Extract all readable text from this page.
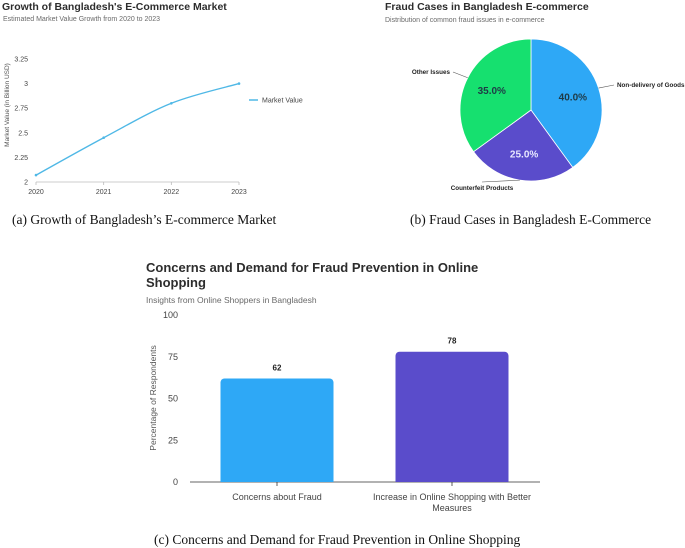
Growth of Bangladesh's E-Commerce Market
Estimated Market Value Growth from 2020 to 2023
Market Value (in Billion USD)
2
2.25
2.5
2.75
3
3.25
2020	2021	2022	2023
Market Value
(a) Growth of Bangladesh’s E-commerce Market
Fraud Cases in Bangladesh E-commerce
Distribution of common fraud issues in e-commerce
40.0%
Non-delivery of Goods
25.0%
Counterfeit Products
35.0%
Other Issues
(b) Fraud Cases in Bangladesh E-Commerce
Concerns and Demand for Fraud Prevention in Online
Shopping
Insights from Online Shoppers in Bangladesh
Percentage of Respondents
0
25
50
75
100
62
78
Concerns about Fraud	Increase in Online Shopping with Better
Measures
(c) Concerns and Demand for Fraud Prevention in Online Shopping
